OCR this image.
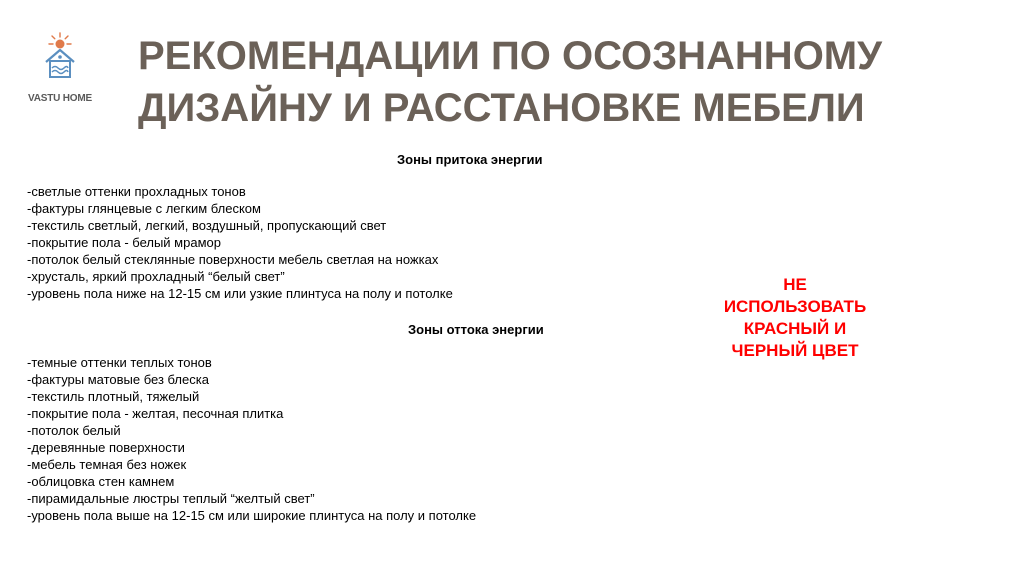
VASTU HOME
РЕКОМЕНДАЦИИ ПО ОСОЗНАННОМУ ДИЗАЙНУ И РАССТАНОВКЕ МЕБЕЛИ
Зоны притока энергии
-светлые оттенки прохладных тонов
-фактуры глянцевые с легким блеском
-текстиль светлый, легкий, воздушный, пропускающий свет
-покрытие пола - белый мрамор
-потолок белый стеклянные поверхности мебель светлая на ножках
-хрусталь, яркий прохладный “белый свет”
-уровень пола ниже на 12-15 см или узкие плинтуса на полу и потолке
Зоны оттока энергии
-темные оттенки теплых тонов
-фактуры матовые без блеска
-текстиль плотный, тяжелый
-покрытие пола - желтая, песочная плитка
-потолок белый
-деревянные поверхности
-мебель темная без ножек
-облицовка стен камнем
-пирамидальные люстры теплый “желтый свет”
-уровень пола выше на 12-15 см или широкие плинтуса на полу и потолке
НЕ
ИСПОЛЬЗОВАТЬ
КРАСНЫЙ И
ЧЕРНЫЙ ЦВЕТ
